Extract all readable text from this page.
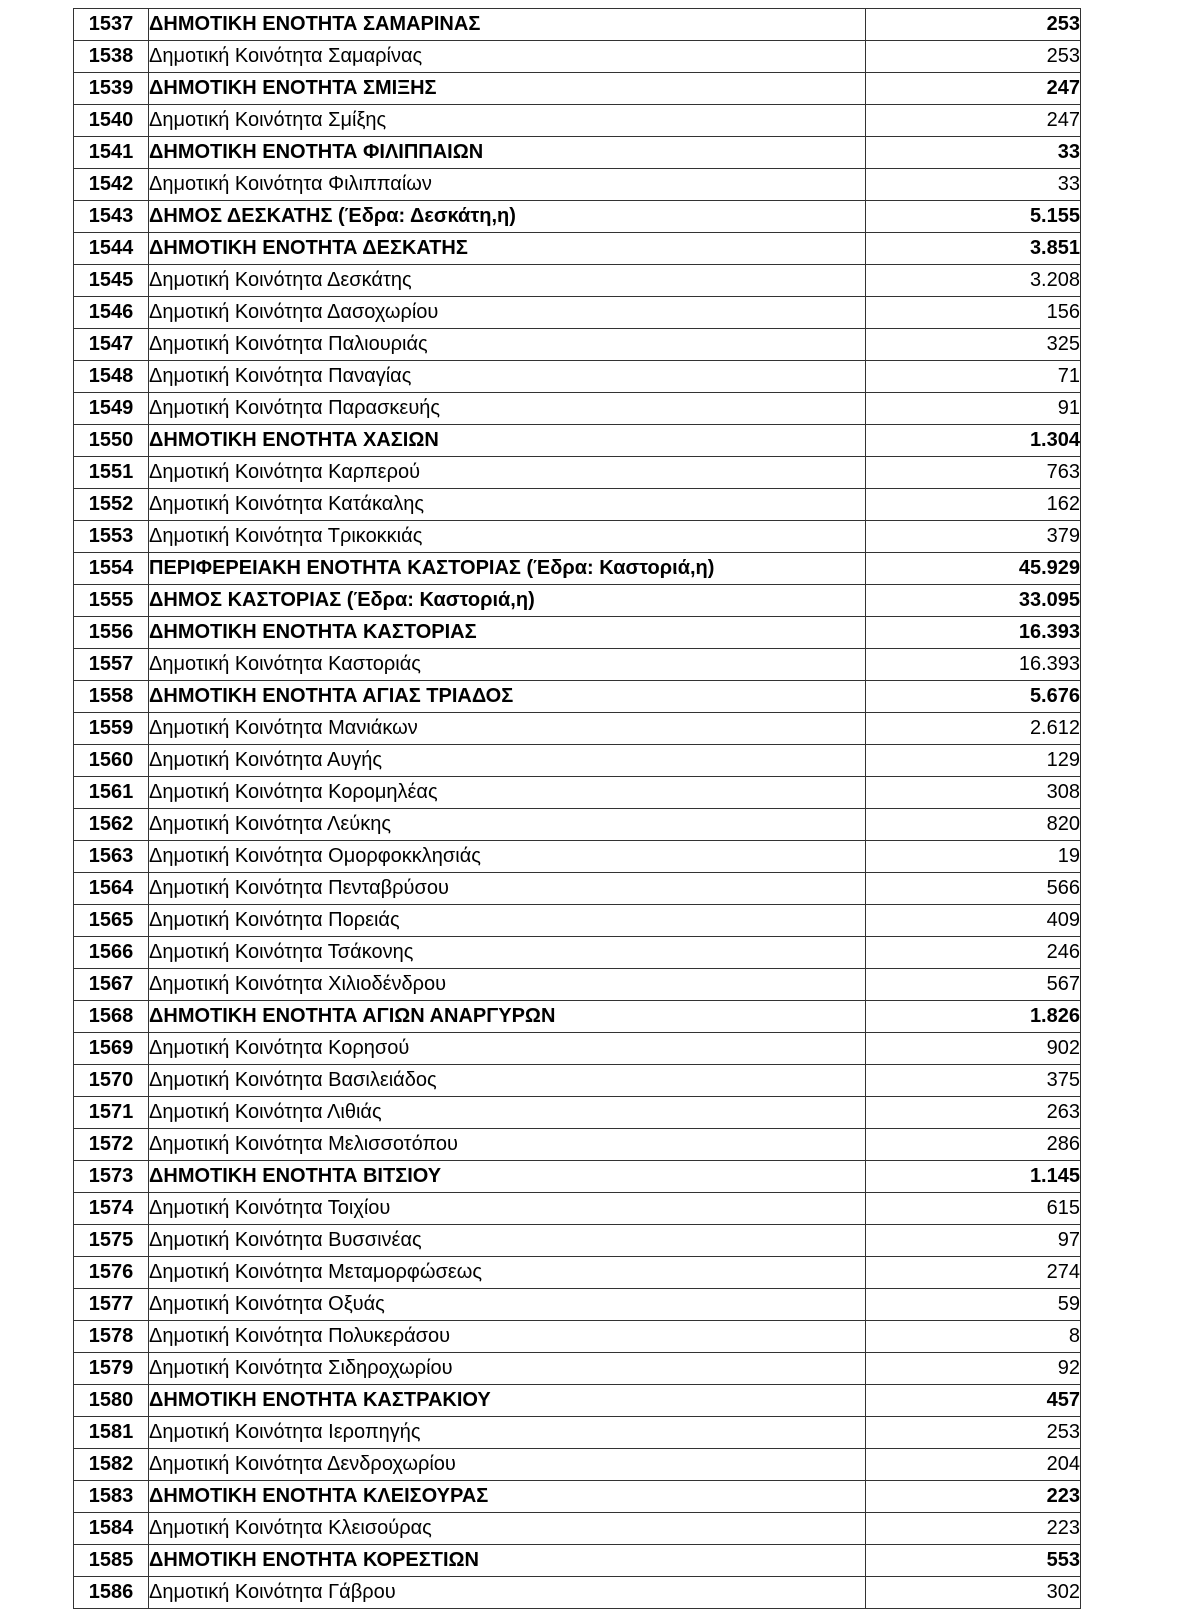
1537	ΔΗΜΟΤΙΚΗ ΕΝΟΤΗΤΑ ΣΑΜΑΡΙΝΑΣ	253
1538	Δημοτική Κοινότητα Σαμαρίνας	253
1539	ΔΗΜΟΤΙΚΗ ΕΝΟΤΗΤΑ ΣΜΙΞΗΣ	247
1540	Δημοτική Κοινότητα Σμίξης	247
1541	ΔΗΜΟΤΙΚΗ ΕΝΟΤΗΤΑ ΦΙΛΙΠΠΑΙΩΝ	33
1542	Δημοτική Κοινότητα Φιλιππαίων	33
1543	ΔΗΜΟΣ ΔΕΣΚΑΤΗΣ (Έδρα: Δεσκάτη,η)	5.155
1544	ΔΗΜΟΤΙΚΗ ΕΝΟΤΗΤΑ ΔΕΣΚΑΤΗΣ	3.851
1545	Δημοτική Κοινότητα Δεσκάτης	3.208
1546	Δημοτική Κοινότητα Δασοχωρίου	156
1547	Δημοτική Κοινότητα Παλιουριάς	325
1548	Δημοτική Κοινότητα Παναγίας	71
1549	Δημοτική Κοινότητα Παρασκευής	91
1550	ΔΗΜΟΤΙΚΗ ΕΝΟΤΗΤΑ ΧΑΣΙΩΝ	1.304
1551	Δημοτική Κοινότητα Καρπερού	763
1552	Δημοτική Κοινότητα Κατάκαλης	162
1553	Δημοτική Κοινότητα Τρικοκκιάς	379
1554	ΠΕΡΙΦΕΡΕΙΑΚΗ ΕΝΟΤΗΤΑ ΚΑΣΤΟΡΙΑΣ (Έδρα: Καστοριά,η)	45.929
1555	ΔΗΜΟΣ ΚΑΣΤΟΡΙΑΣ (Έδρα: Καστοριά,η)	33.095
1556	ΔΗΜΟΤΙΚΗ ΕΝΟΤΗΤΑ ΚΑΣΤΟΡΙΑΣ	16.393
1557	Δημοτική Κοινότητα Καστοριάς	16.393
1558	ΔΗΜΟΤΙΚΗ ΕΝΟΤΗΤΑ ΑΓΙΑΣ ΤΡΙΑΔΟΣ	5.676
1559	Δημοτική Κοινότητα Μανιάκων	2.612
1560	Δημοτική Κοινότητα Αυγής	129
1561	Δημοτική Κοινότητα Κορομηλέας	308
1562	Δημοτική Κοινότητα Λεύκης	820
1563	Δημοτική Κοινότητα Ομορφοκκλησιάς	19
1564	Δημοτική Κοινότητα Πενταβρύσου	566
1565	Δημοτική Κοινότητα Πορειάς	409
1566	Δημοτική Κοινότητα Τσάκονης	246
1567	Δημοτική Κοινότητα Χιλιοδένδρου	567
1568	ΔΗΜΟΤΙΚΗ ΕΝΟΤΗΤΑ ΑΓΙΩΝ ΑΝΑΡΓΥΡΩΝ	1.826
1569	Δημοτική Κοινότητα Κορησού	902
1570	Δημοτική Κοινότητα Βασιλειάδος	375
1571	Δημοτική Κοινότητα Λιθιάς	263
1572	Δημοτική Κοινότητα Μελισσοτόπου	286
1573	ΔΗΜΟΤΙΚΗ ΕΝΟΤΗΤΑ ΒΙΤΣΙΟΥ	1.145
1574	Δημοτική Κοινότητα Τοιχίου	615
1575	Δημοτική Κοινότητα Βυσσινέας	97
1576	Δημοτική Κοινότητα Μεταμορφώσεως	274
1577	Δημοτική Κοινότητα Οξυάς	59
1578	Δημοτική Κοινότητα Πολυκεράσου	8
1579	Δημοτική Κοινότητα Σιδηροχωρίου	92
1580	ΔΗΜΟΤΙΚΗ ΕΝΟΤΗΤΑ ΚΑΣΤΡΑΚΙΟΥ	457
1581	Δημοτική Κοινότητα Ιεροπηγής	253
1582	Δημοτική Κοινότητα Δενδροχωρίου	204
1583	ΔΗΜΟΤΙΚΗ ΕΝΟΤΗΤΑ ΚΛΕΙΣΟΥΡΑΣ	223
1584	Δημοτική Κοινότητα Κλεισούρας	223
1585	ΔΗΜΟΤΙΚΗ ΕΝΟΤΗΤΑ ΚΟΡΕΣΤΙΩΝ	553
1586	Δημοτική Κοινότητα Γάβρου	302
